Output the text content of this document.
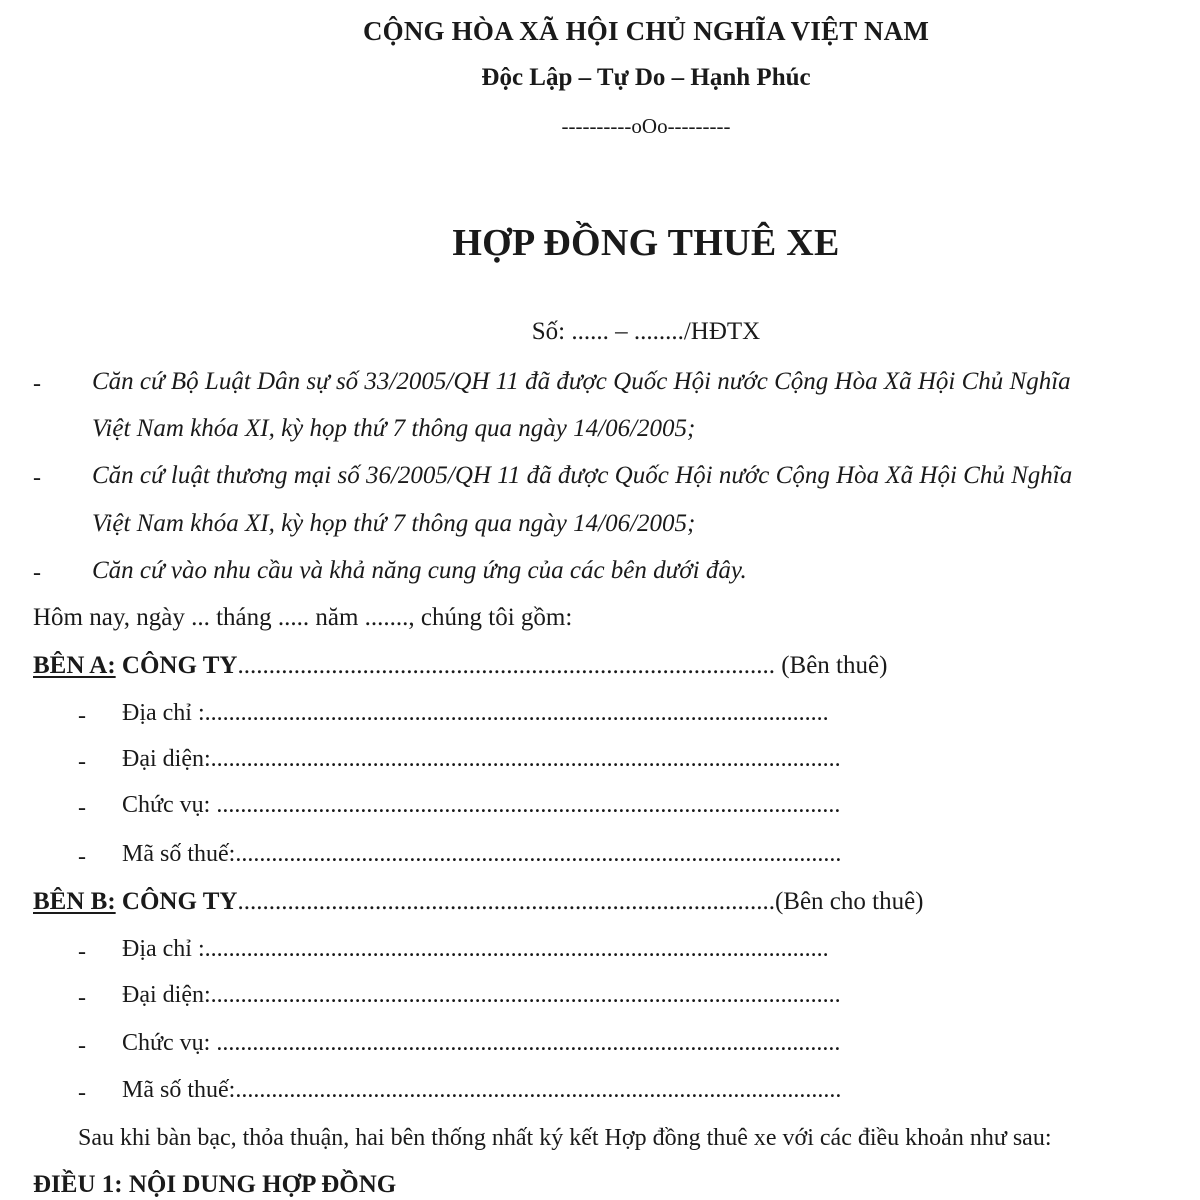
CỘNG HÒA XÃ HỘI CHỦ NGHĨA VIỆT NAM
Độc Lập – Tự Do – Hạnh Phúc
----------oOo---------
HỢP ĐỒNG THUÊ XE
Số: ...... – ......../HĐTX
- Căn cứ Bộ Luật Dân sự số 33/2005/QH 11 đã được Quốc Hội nước Cộng Hòa Xã Hội Chủ Nghĩa
Việt Nam khóa XI, kỳ họp thứ 7 thông qua ngày 14/06/2005;
- Căn cứ luật thương mại số 36/2005/QH 11 đã được Quốc Hội nước Cộng Hòa Xã Hội Chủ Nghĩa
Việt Nam khóa XI, kỳ họp thứ 7 thông qua ngày 14/06/2005;
- Căn cứ vào nhu cầu và khả năng cung ứng của các bên dưới đây.
Hôm nay, ngày ... tháng ..... năm ......., chúng tôi gồm:
BÊN A: CÔNG TY...................................................................................... (Bên thuê)
- Địa chỉ :........................................................................................................
- Đại diện:.........................................................................................................
- Chức vụ: ........................................................................................................
- Mã số thuế:.....................................................................................................
BÊN B: CÔNG TY......................................................................................(Bên cho thuê)
- Địa chỉ :........................................................................................................
- Đại diện:.........................................................................................................
- Chức vụ: ........................................................................................................
- Mã số thuế:.....................................................................................................
Sau khi bàn bạc, thỏa thuận, hai bên thống nhất ký kết Hợp đồng thuê xe với các điều khoản như sau:
ĐIỀU 1: NỘI DUNG HỢP ĐỒNG
